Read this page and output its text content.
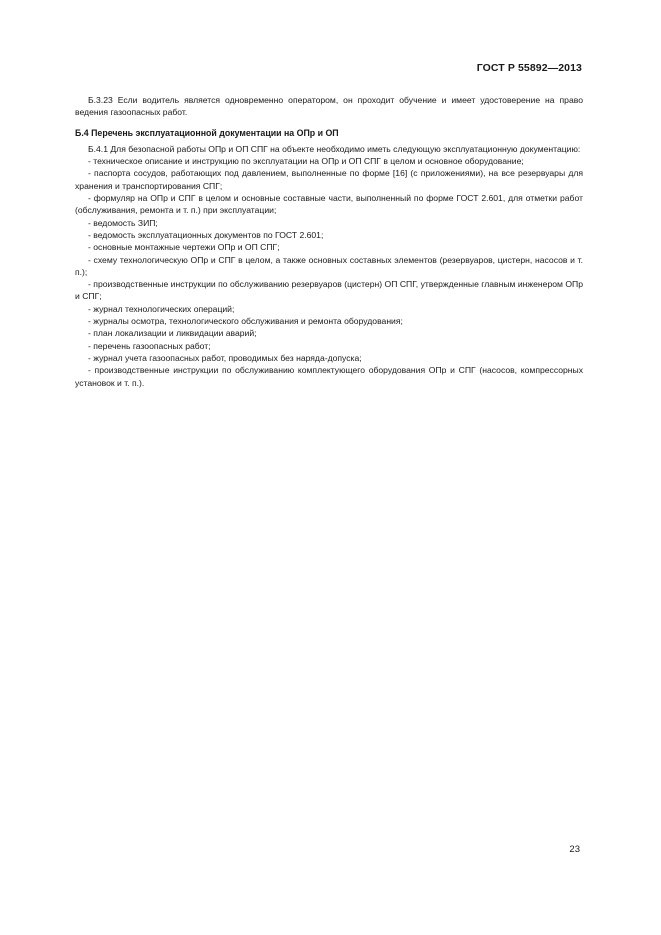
ГОСТ Р 55892—2013

Б.3.23 Если водитель является одновременно оператором, он проходит обучение и имеет удостоверение на право ведения газоопасных работ.

Б.4 Перечень эксплуатационной документации на ОПр и ОП

Б.4.1 Для безопасной работы ОПр и ОП СПГ на объекте необходимо иметь следующую эксплуатационную документацию:

- техническое описание и инструкцию по эксплуатации на ОПр и ОП СПГ в целом и основное оборудование;

- паспорта сосудов, работающих под давлением, выполненные по форме [16] (с приложениями), на все резервуары для хранения и транспортирования СПГ;

- формуляр на ОПр и СПГ в целом и основные составные части, выполненный по форме ГОСТ 2.601, для отметки работ (обслуживания, ремонта и т. п.) при эксплуатации;

- ведомость ЗИП;

- ведомость эксплуатационных документов по ГОСТ 2.601;

- основные монтажные чертежи ОПр и ОП СПГ;

- схему технологическую ОПр и СПГ в целом, а также основных составных элементов (резервуаров, цистерн, насосов и т. п.);

- производственные инструкции по обслуживанию резервуаров (цистерн) ОП СПГ, утвержденные главным инженером ОПр и СПГ;

- журнал технологических операций;

- журналы осмотра, технологического обслуживания и ремонта оборудования;

- план локализации и ликвидации аварий;

- перечень газоопасных работ;

- журнал учета газоопасных работ, проводимых без наряда-допуска;

- производственные инструкции по обслуживанию комплектующего оборудования ОПр и СПГ (насосов, компрессорных установок и т. п.).

23
